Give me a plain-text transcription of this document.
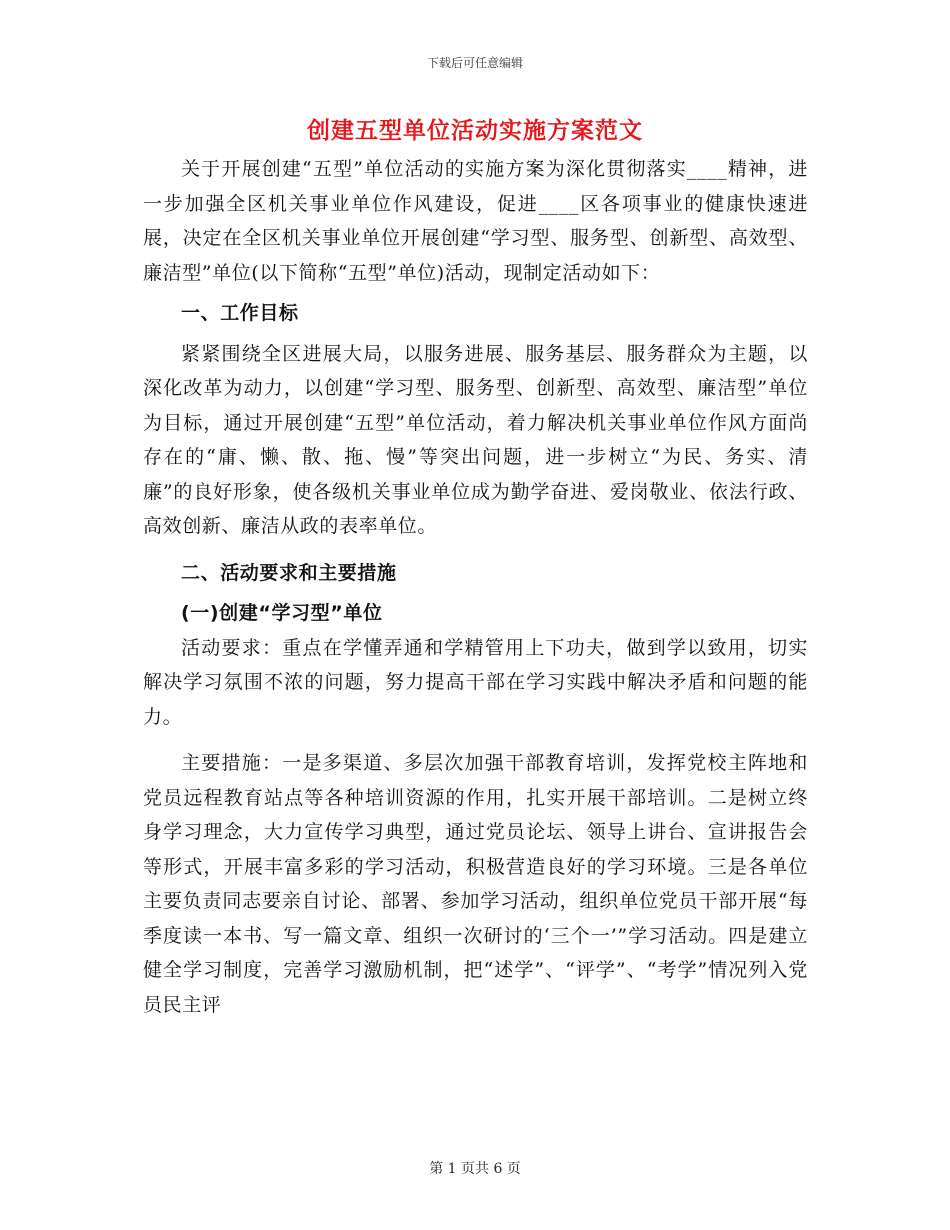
下载后可任意编辑
创建五型单位活动实施方案范文

关于开展创建“五型”单位活动的实施方案为深化贯彻落实____精神，进一步加强全区机关事业单位作风建设，促进____区各项事业的健康快速进展，决定在全区机关事业单位开展创建“学习型、服务型、创新型、高效型、廉洁型”单位(以下简称“五型”单位)活动，现制定活动如下：

一、工作目标

紧紧围绕全区进展大局，以服务进展、服务基层、服务群众为主题，以深化改革为动力，以创建“学习型、服务型、创新型、高效型、廉洁型”单位为目标，通过开展创建“五型”单位活动，着力解决机关事业单位作风方面尚存在的“庸、懒、散、拖、慢”等突出问题，进一步树立“为民、务实、清廉”的良好形象，使各级机关事业单位成为勤学奋进、爱岗敬业、依法行政、高效创新、廉洁从政的表率单位。

二、活动要求和主要措施

(一)创建“学习型”单位

活动要求：重点在学懂弄通和学精管用上下功夫，做到学以致用，切实解决学习氛围不浓的问题，努力提高干部在学习实践中解决矛盾和问题的能力。

主要措施：一是多渠道、多层次加强干部教育培训，发挥党校主阵地和党员远程教育站点等各种培训资源的作用，扎实开展干部培训。二是树立终身学习理念，大力宣传学习典型，通过党员论坛、领导上讲台、宣讲报告会等形式，开展丰富多彩的学习活动，积极营造良好的学习环境。三是各单位主要负责同志要亲自讨论、部署、参加学习活动，组织单位党员干部开展“每季度读一本书、写一篇文章、组织一次研讨的‘三个一’”学习活动。四是建立健全学习制度，完善学习激励机制，把“述学”、“评学”、“考学”情况列入党员民主评

第 1 页共 6 页
